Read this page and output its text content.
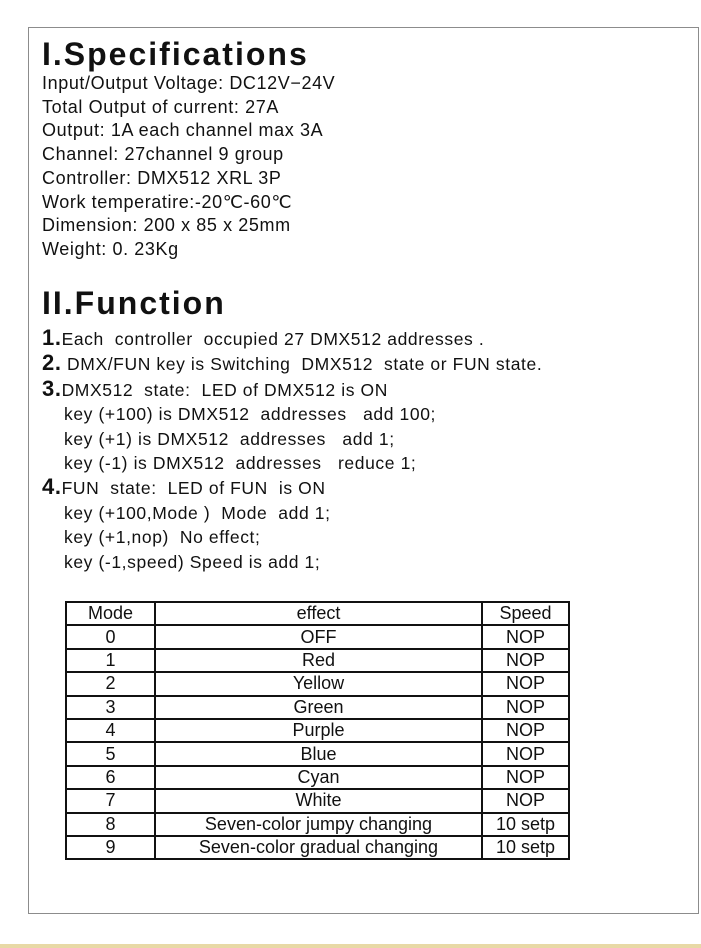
I.Specifications
Input/Output Voltage: DC12V−24V
Total Output of current: 27A
Output: 1A each channel max 3A
Channel: 27channel 9 group
Controller: DMX512 XRL 3P
Work temperatire:-20℃-60℃
Dimension: 200 x 85 x 25mm
Weight: 0. 23Kg
II.Function
1.Each  controller  occupied 27 DMX512 addresses .
2. DMX/FUN key is Switching  DMX512  state or FUN state.
3.DMX512  state:  LED of DMX512 is ON
key (+100) is DMX512  addresses   add 100;
key (+1) is DMX512  addresses   add 1;
key (-1) is DMX512  addresses   reduce 1;
4.FUN  state:  LED of FUN  is ON
key (+100,Mode )  Mode  add 1;
key (+1,nop)  No effect;
key (-1,speed) Speed is add 1;
Mode	effect	Speed
0	OFF	NOP
1	Red	NOP
2	Yellow	NOP
3	Green	NOP
4	Purple	NOP
5	Blue	NOP
6	Cyan	NOP
7	White	NOP
8	Seven-color jumpy changing	10 setp
9	Seven-color gradual changing	10 setp
